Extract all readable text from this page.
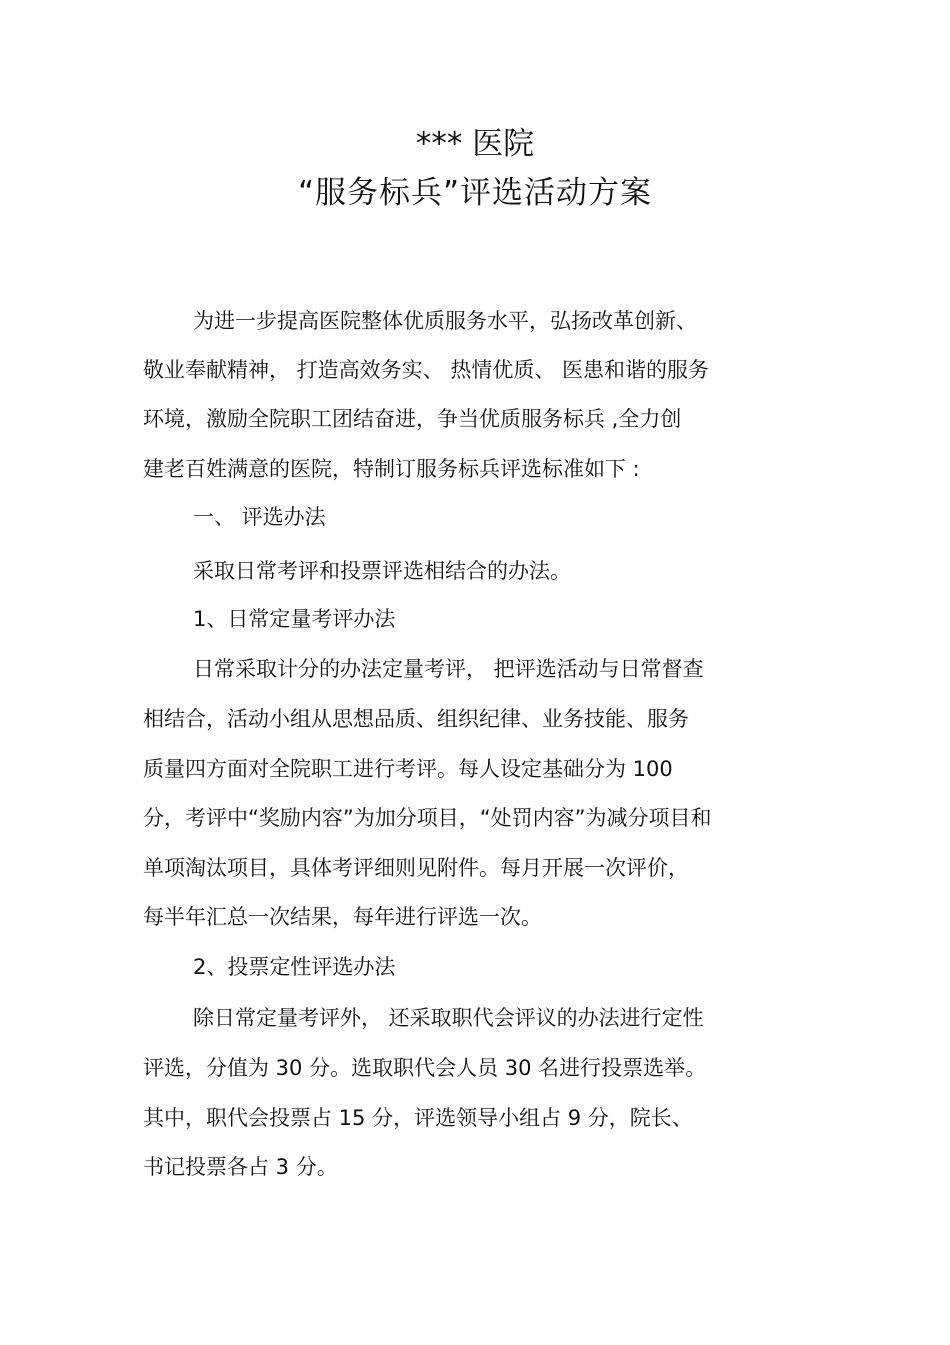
*** 医院
“服务标兵”评选活动方案
为进一步提高医院整体优质服务水平，弘扬改革创新、
敬业奉献精神， 打造高效务实、 热情优质、 医患和谐的服务
环境，激励全院职工团结奋进，争当优质服务标兵 ,全力创
建老百姓满意的医院，特制订服务标兵评选标准如下 :
一、 评选办法
采取日常考评和投票评选相结合的办法。
1、日常定量考评办法
日常采取计分的办法定量考评， 把评选活动与日常督查
相结合，活动小组从思想品质、组织纪律、业务技能、服务
质量四方面对全院职工进行考评。每人设定基础分为 100
分，考评中“奖励内容”为加分项目，“处罚内容”为减分项目和
单项淘汰项目，具体考评细则见附件。每月开展一次评价，
每半年汇总一次结果，每年进行评选一次。
2、投票定性评选办法
除日常定量考评外， 还采取职代会评议的办法进行定性
评选，分值为 30 分。选取职代会人员 30 名进行投票选举。
其中，职代会投票占 15 分，评选领导小组占 9 分，院长、
书记投票各占 3 分。
